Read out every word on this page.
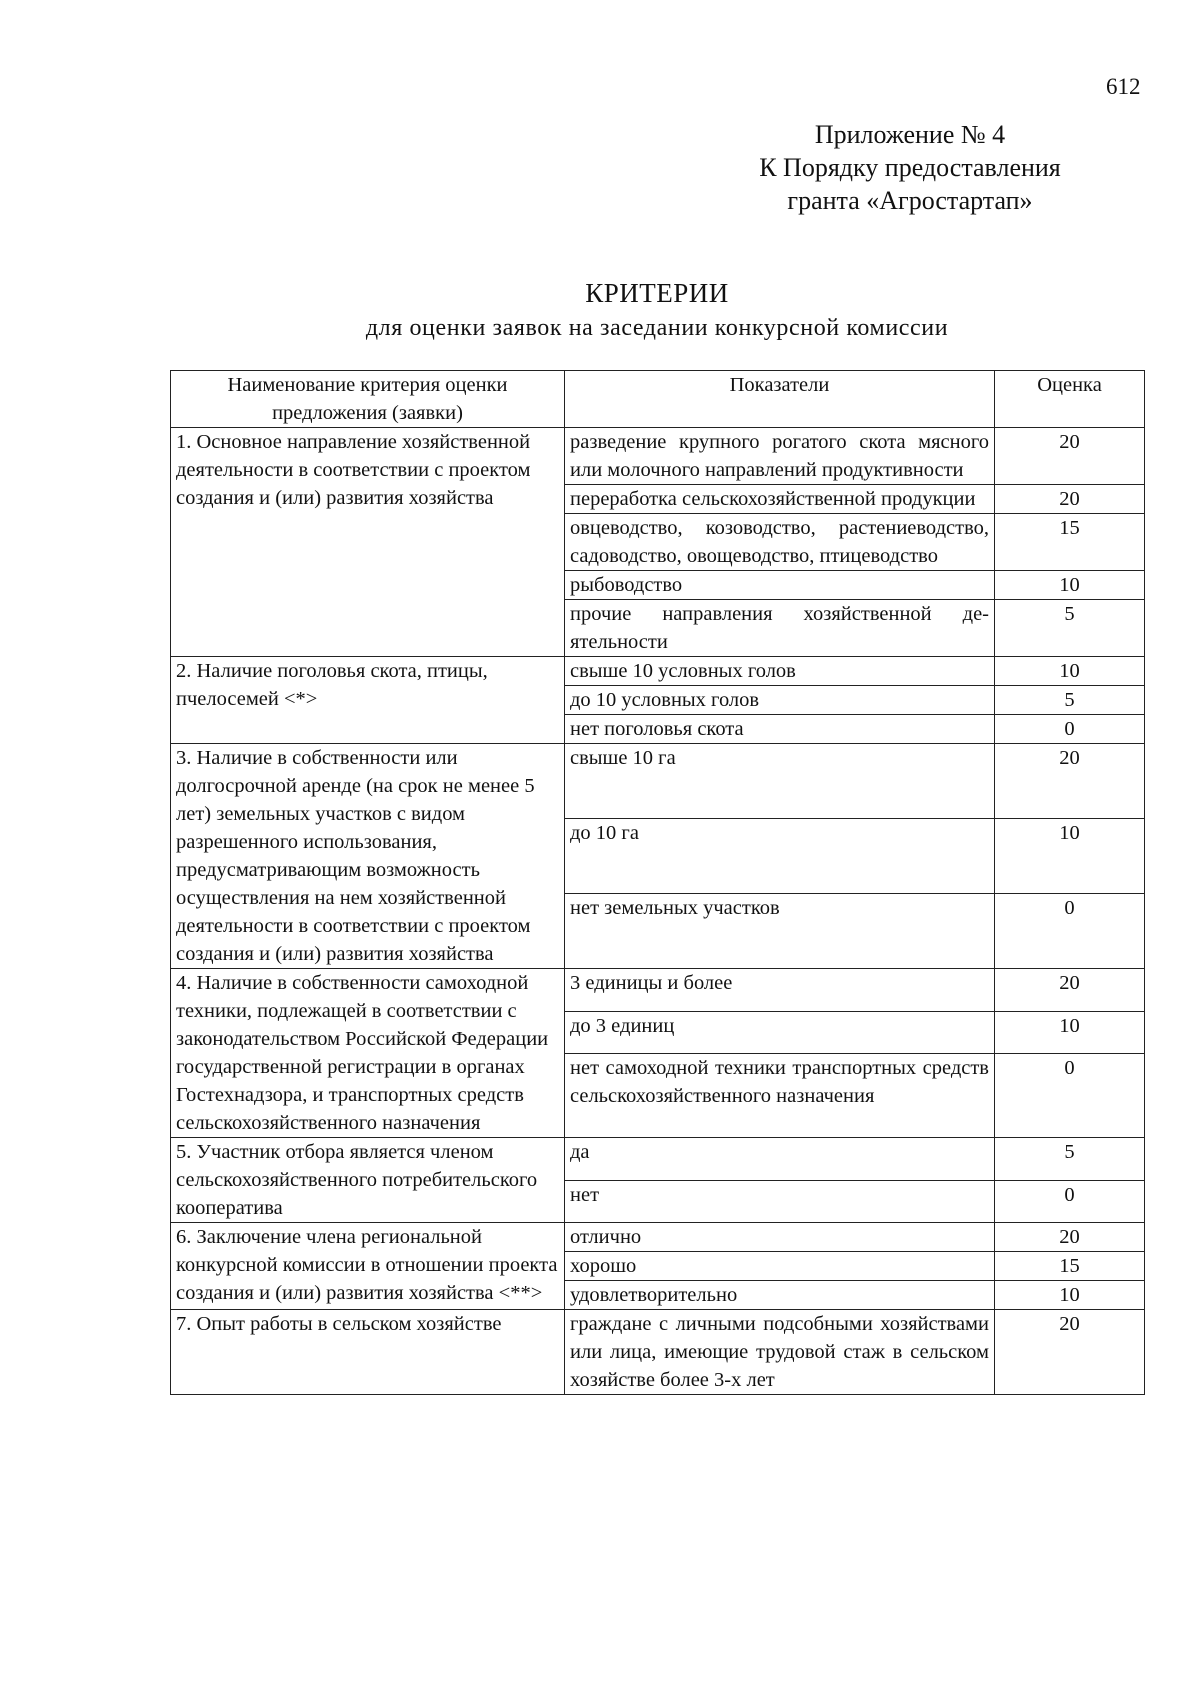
612
Приложение № 4
К Порядку предоставления
гранта «Агростартап»
КРИТЕРИИ
для оценки заявок на заседании конкурсной комиссии
Наименование критерия оценки предложения (заявки)	Показатели	Оценка
1. Основное направление хозяйственной деятельности в соответствии с проектом создания и (или) развития хозяйства	разведение крупного рогатого скота мясного или молочного направлений продуктивности	20
	переработка сельскохозяйственной продукции	20
	овцеводство, козоводство, растениеводство, садоводство, овощеводство, птицеводство	15
	рыбоводство	10
	прочие направления хозяйственной деятельности	5
2. Наличие поголовья скота, птицы, пчелосемей <*>	свыше 10 условных голов	10
	до 10 условных голов	5
	нет поголовья скота	0
3. Наличие в собственности или долгосрочной аренде (на срок не менее 5 лет) земельных участков с видом разрешенного использования, предусматривающим возможность осуществления на нем хозяйственной деятельности в соответствии с проектом создания и (или) развития хозяйства	свыше 10 га	20
	до 10 га	10
	нет земельных участков	0
4. Наличие в собственности самоходной техники, подлежащей в соответствии с законодательством Российской Федерации государственной регистрации в органах Гостехнадзора, и транспортных средств сельскохозяйственного назначения	3 единицы и более	20
	до 3 единиц	10
	нет самоходной техники транспортных средств сельскохозяйственного назначения	0
5. Участник отбора является членом сельскохозяйственного потребительского кооператива	да	5
	нет	0
6. Заключение члена региональной конкурсной комиссии в отношении проекта создания и (или) развития хозяйства <**>	отлично	20
	хорошо	15
	удовлетворительно	10
7. Опыт работы в сельском хозяйстве	граждане с личными подсобными хозяйствами или лица, имеющие трудовой стаж в сельском хозяйстве более 3-х лет	20
